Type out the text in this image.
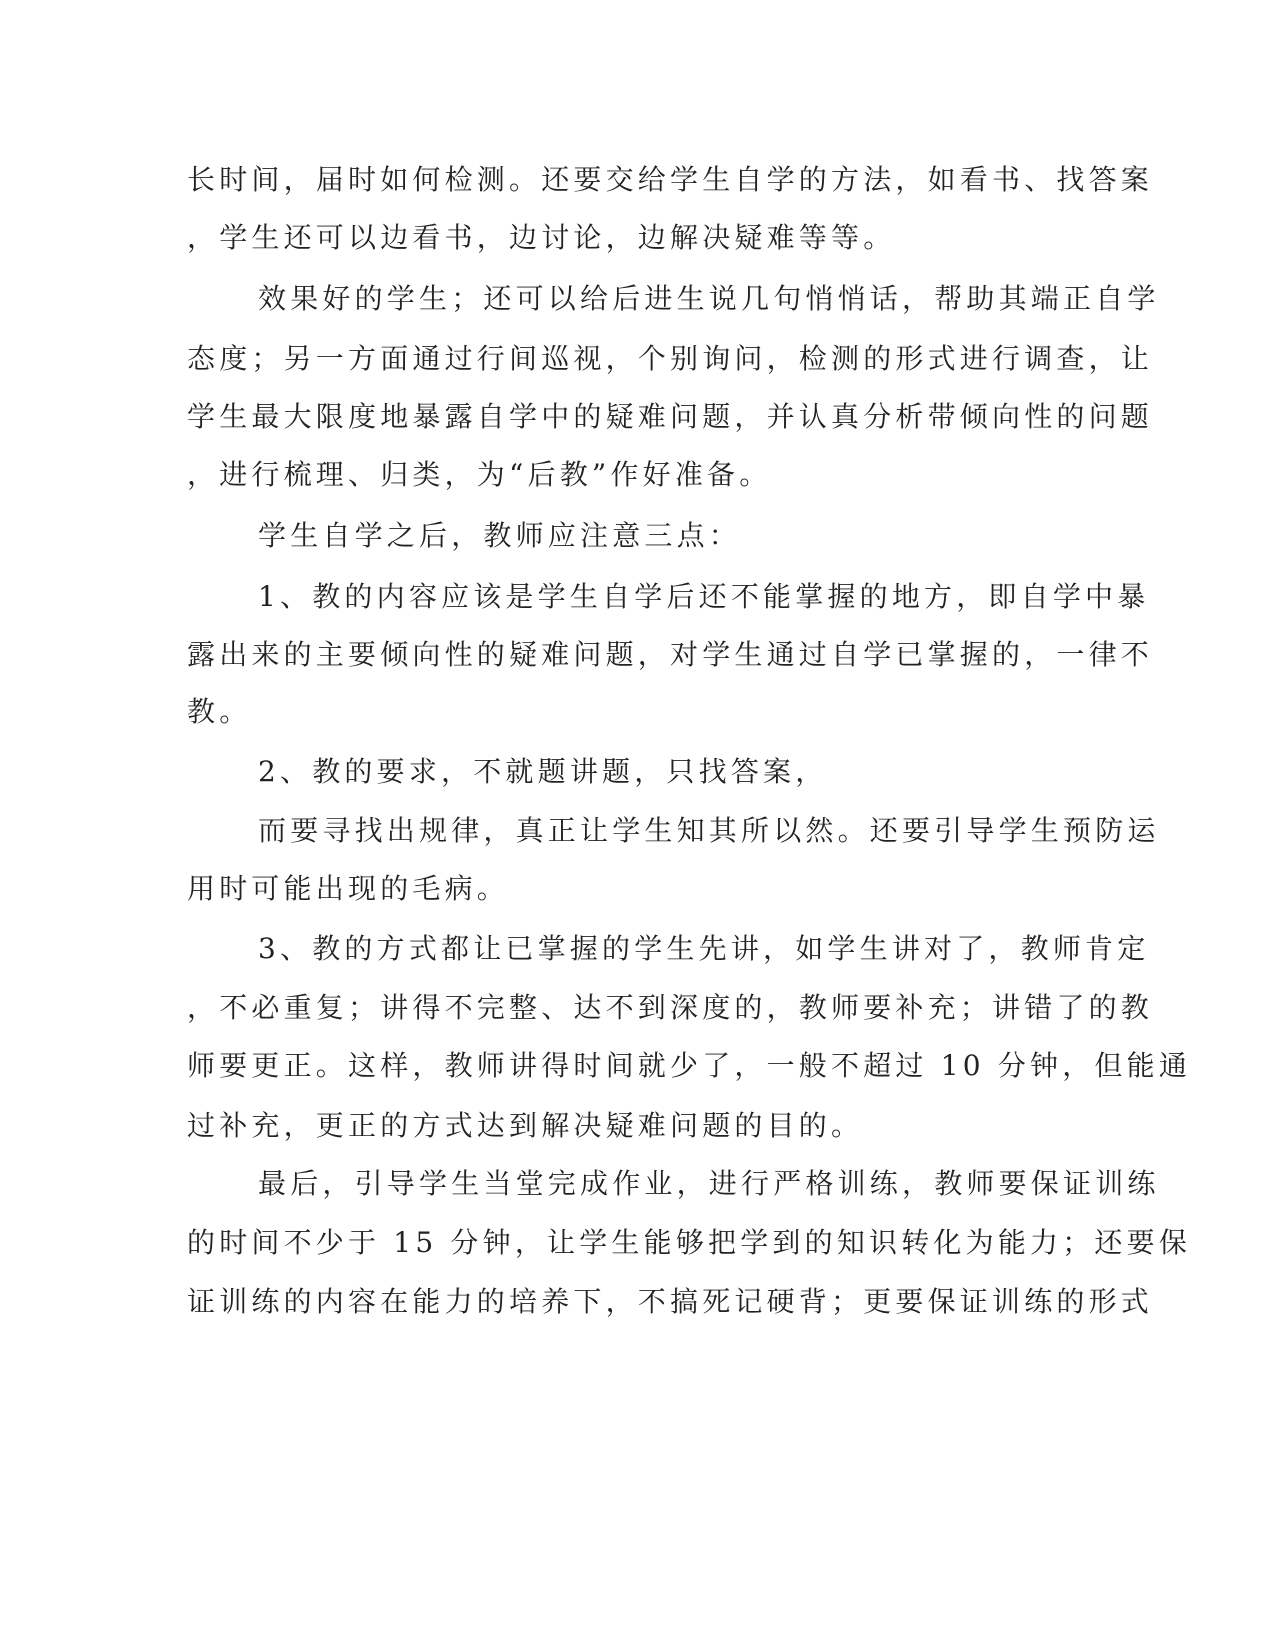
长时间，届时如何检测。还要交给学生自学的方法，如看书、找答案
，学生还可以边看书，边讨论，边解决疑难等等。
效果好的学生；还可以给后进生说几句悄悄话，帮助其端正自学
态度；另一方面通过行间巡视，个别询问，检测的形式进行调查，让
学生最大限度地暴露自学中的疑难问题，并认真分析带倾向性的问题
，进行梳理、归类，为“后教”作好准备。
学生自学之后，教师应注意三点：
1、教的内容应该是学生自学后还不能掌握的地方，即自学中暴
露出来的主要倾向性的疑难问题，对学生通过自学已掌握的，一律不
教。
2、教的要求，不就题讲题，只找答案，
而要寻找出规律，真正让学生知其所以然。还要引导学生预防运
用时可能出现的毛病。
3、教的方式都让已掌握的学生先讲，如学生讲对了，教师肯定
，不必重复；讲得不完整、达不到深度的，教师要补充；讲错了的教
师要更正。这样，教师讲得时间就少了，一般不超过 10 分钟，但能通
过补充，更正的方式达到解决疑难问题的目的。
最后，引导学生当堂完成作业，进行严格训练，教师要保证训练
的时间不少于 15 分钟，让学生能够把学到的知识转化为能力；还要保
证训练的内容在能力的培养下，不搞死记硬背；更要保证训练的形式
